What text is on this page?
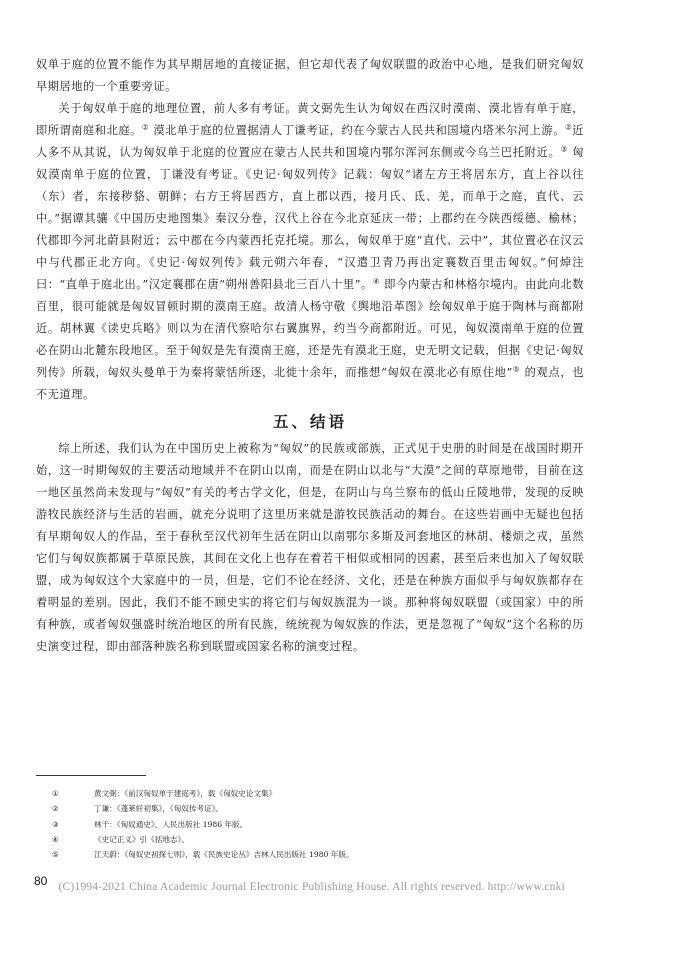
奴单于庭的位置不能作为其早期居地的直接证据，但它却代表了匈奴联盟的政治中心地，是我们研究匈奴早期居地的一个重要旁证。

关于匈奴单于庭的地理位置，前人多有考证。黄文弼先生认为匈奴在西汉时漠南、漠北皆有单于庭，即所谓南庭和北庭。① 漠北单于庭的位置据清人丁谦考证，约在今蒙古人民共和国境内塔米尔河上游。②近人多不从其说，认为匈奴单于北庭的位置应在蒙古人民共和国境内鄂尔浑河东侧或今乌兰巴托附近。③ 匈奴漠南单于庭的位置，丁谦没有考证。《史记·匈奴列传》记载：匈奴“诸左方王将居东方，直上谷以往（东）者，东接秽貉、朝鲜；右方王将居西方，直上郡以西，接月氏、氐、羌，而单于之庭，直代、云中。”据谭其骧《中国历史地图集》秦汉分卷，汉代上谷在今北京延庆一带；上郡约在今陕西绥德、榆林；代郡即今河北蔚县附近；云中郡在今内蒙西托克托境。那么，匈奴单于庭“直代、云中”，其位置必在汉云中与代郡正北方向。《史记·匈奴列传》载元朔六年春，“汉遣卫青乃再出定襄数百里击匈奴。”何焯注曰：“直单于庭北出。”汉定襄郡在唐“朔州善阳县北三百八十里”。④ 即今内蒙古和林格尔境内。由此向北数百里，很可能就是匈奴冒顿时期的漠南王庭。故清人杨守敬《舆地沿革图》绘匈奴单于庭于陶林与商都附近。胡林翼《读史兵略》则以为在清代察哈尔右翼旗界，约当今商都附近。可见，匈奴漠南单于庭的位置必在阴山北麓东段地区。至于匈奴是先有漠南王庭，还是先有漠北王庭，史无明文记载，但据《史记·匈奴列传》所载，匈奴头曼单于为秦将蒙恬所逐，北徙十余年，而推想“匈奴在漠北必有原住地”⑤ 的观点，也不无道理。

五、结语

综上所述，我们认为在中国历史上被称为“匈奴”的民族或部族，正式见于史册的时间是在战国时期开始，这一时期匈奴的主要活动地域并不在阴山以南，而是在阴山以北与“大漠”之间的草原地带，目前在这一地区虽然尚未发现与“匈奴”有关的考古学文化，但是，在阴山与乌兰察布的低山丘陵地带，发现的反映游牧民族经济与生活的岩画，就充分说明了这里历来就是游牧民族活动的舞台。在这些岩画中无疑也包括有早期匈奴人的作品，至于春秋至汉代初年生活在阴山以南鄂尔多斯及河套地区的林胡、楼烦之戎，虽然它们与匈奴族都属于草原民族，其间在文化上也存在着若干相似或相同的因素，甚至后来也加入了匈奴联盟，成为匈奴这个大家庭中的一员，但是，它们不论在经济、文化，还是在种族方面似乎与匈奴族都存在着明显的差别。因此，我们不能不顾史实的将它们与匈奴族混为一谈。那种将匈奴联盟（或国家）中的所有种族，或者匈奴强盛时统治地区的所有民族，统统视为匈奴族的作法，更是忽视了“匈奴”这个名称的历史演变过程，即由部落种族名称到联盟或国家名称的演变过程。

①	黄文弼：《前汉匈奴单于建庭考》，载《匈奴史论文集》
②	丁谦：《蓬莱轩初集》，《匈奴传考证》。
③	林干：《匈奴通史》，人民出版社 1986 年版。
④	《史记正义》引《括地志》。
⑤	江天蔚：《匈奴史初探七则》，载《民族史论丛》吉林人民出版社 1980 年版。
80 (C)1994-2021 China Academic Journal Electronic Publishing House. All rights reserved. http://www.cnki
